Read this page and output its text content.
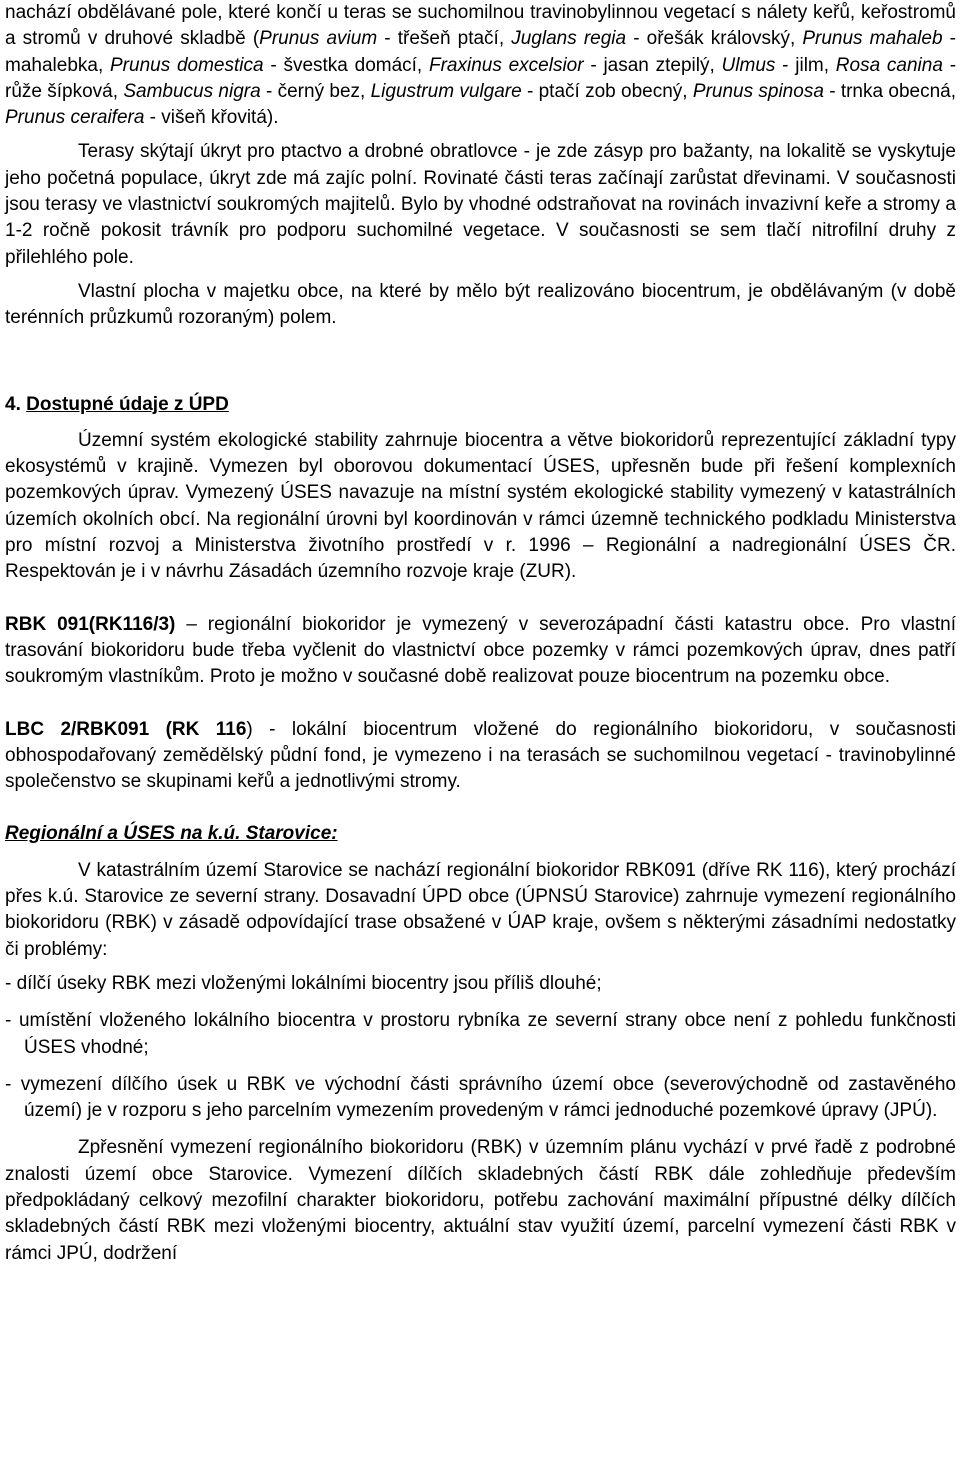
nachází obdělávané pole, které končí u teras se suchomilnou travinobylinnou vegetací s nálety keřů, keřostromů a stromů v druhové skladbě (Prunus avium - třešeň ptačí, Juglans regia - ořešák královský, Prunus mahaleb - mahalebka, Prunus domestica - švestka domácí, Fraxinus excelsior - jasan ztepilý, Ulmus - jilm, Rosa canina - růže šípková, Sambucus nigra - černý bez, Ligustrum vulgare - ptačí zob obecný, Prunus spinosa - trnka obecná, Prunus ceraifera - višeň křovitá).

Terasy skýtají úkryt pro ptactvo a drobné obratlovce - je zde zásyp pro bažanty, na lokalitě se vyskytuje jeho početná populace, úkryt zde má zajíc polní. Rovinaté části teras začínají zarůstat dřevinami. V současnosti jsou terasy ve vlastnictví soukromých majitelů. Bylo by vhodné odstraňovat na rovinách invazivní keře a stromy a 1-2 ročně pokosit trávník pro podporu suchomilné vegetace. V současnosti se sem tlačí nitrofilní druhy z přilehlého pole.

Vlastní plocha v majetku obce, na které by mělo být realizováno biocentrum, je obdělávaným (v době terénních průzkumů rozoraným) polem.

4. Dostupné údaje z ÚPD

Územní systém ekologické stability zahrnuje biocentra a větve biokoridorů reprezentující základní typy ekosystémů v krajině. Vymezen byl oborovou dokumentací ÚSES, upřesněn bude při řešení komplexních pozemkových úprav. Vymezený ÚSES navazuje na místní systém ekologické stability vymezený v katastrálních územích okolních obcí. Na regionální úrovni byl koordinován v rámci územně technického podkladu Ministerstva pro místní rozvoj a Ministerstva životního prostředí v r. 1996 – Regionální a nadregionální ÚSES ČR. Respektován je i v návrhu Zásadách územního rozvoje kraje (ZUR).

RBK 091(RK116/3) – regionální biokoridor je vymezený v severozápadní části katastru obce. Pro vlastní trasování biokoridoru bude třeba vyčlenit do vlastnictví obce pozemky v rámci pozemkových úprav, dnes patří soukromým vlastníkům. Proto je možno v současné době realizovat pouze biocentrum na pozemku obce.

LBC 2/RBK091 (RK 116) - lokální biocentrum vložené do regionálního biokoridoru, v současnosti obhospodařovaný zemědělský půdní fond, je vymezeno i na terasách se suchomilnou vegetací - travinobylinné společenstvo se skupinami keřů a jednotlivými stromy.

Regionální a ÚSES na k.ú. Starovice:

V katastrálním území Starovice se nachází regionální biokoridor RBK091 (dříve RK 116), který prochází přes k.ú. Starovice ze severní strany. Dosavadní ÚPD obce (ÚPNSÚ Starovice) zahrnuje vymezení regionálního biokoridoru (RBK) v zásadě odpovídající trase obsažené v ÚAP kraje, ovšem s některými zásadními nedostatky či problémy:

- dílčí úseky RBK mezi vloženými lokálními biocentry jsou příliš dlouhé;

- umístění vloženého lokálního biocentra v prostoru rybníka ze severní strany obce není z pohledu funkčnosti ÚSES vhodné;

- vymezení dílčího úsek u RBK ve východní části správního území obce (severovýchodně od zastavěného území) je v rozporu s jeho parcelním vymezením provedeným v rámci jednoduché pozemkové úpravy (JPÚ).

Zpřesnění vymezení regionálního biokoridoru (RBK) v územním plánu vychází v prvé řadě z podrobné znalosti území obce Starovice. Vymezení dílčích skladebných částí RBK dále zohledňuje především předpokládaný celkový mezofilní charakter biokoridoru, potřebu zachování maximální přípustné délky dílčích skladebných částí RBK mezi vloženými biocentry, aktuální stav využití území, parcelní vymezení části RBK v rámci JPÚ, dodržení
